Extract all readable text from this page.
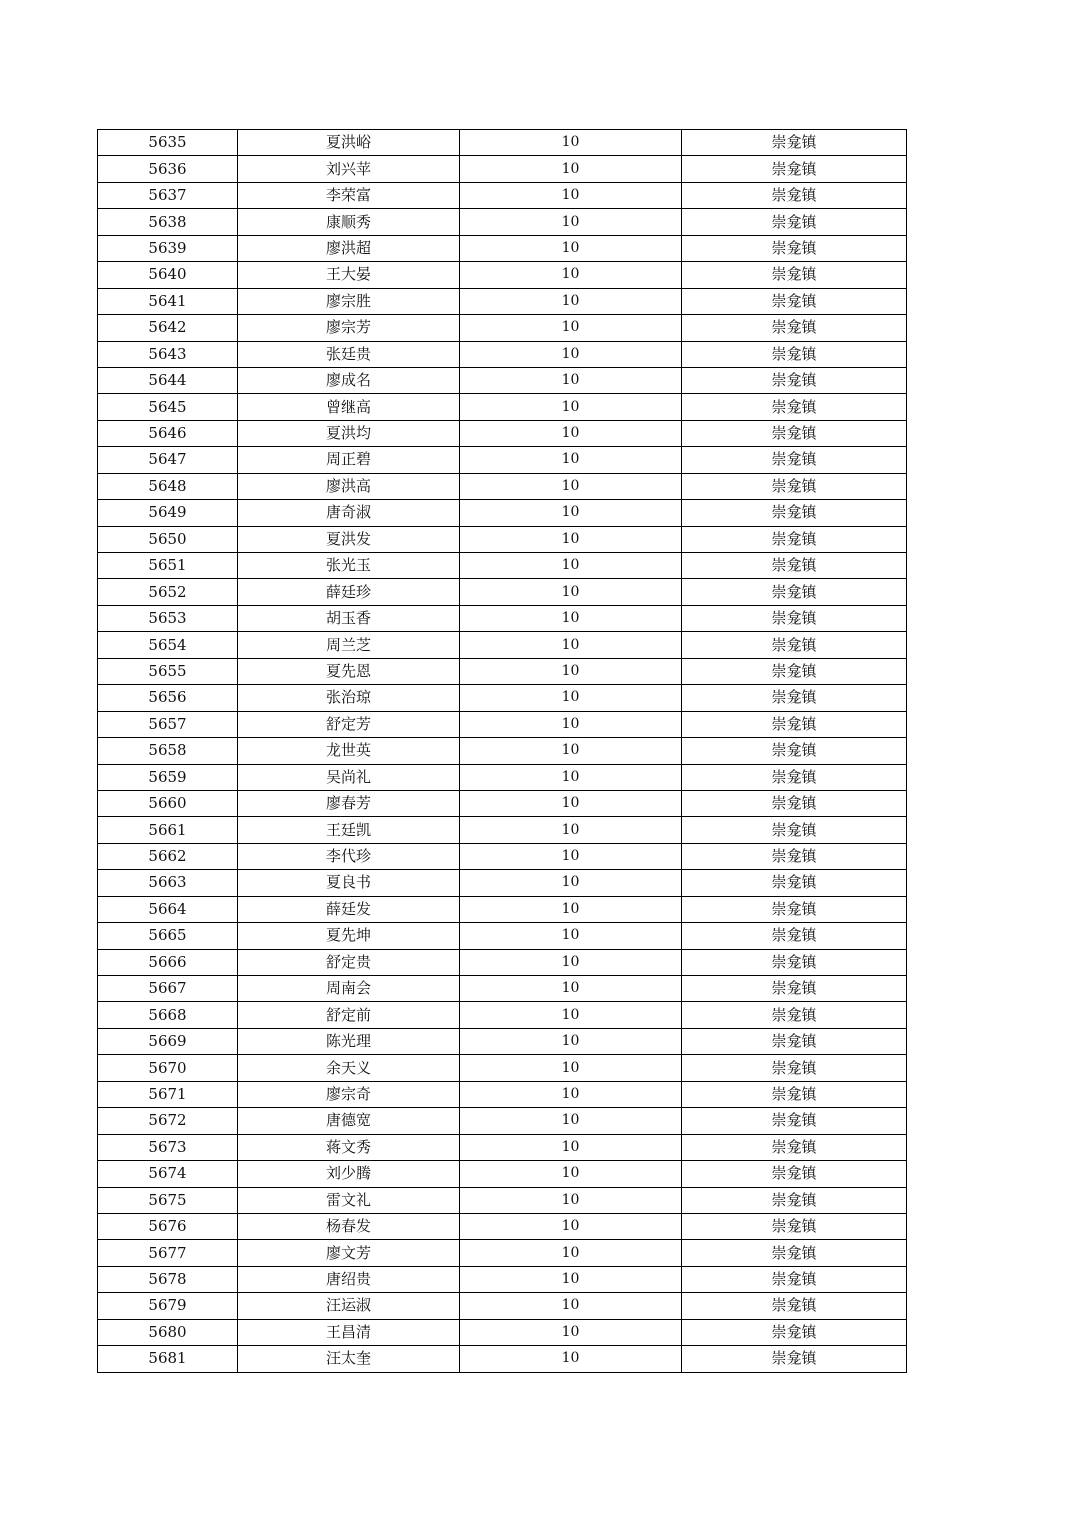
5635	夏洪峪	10	崇龛镇
5636	刘兴苹	10	崇龛镇
5637	李荣富	10	崇龛镇
5638	康顺秀	10	崇龛镇
5639	廖洪超	10	崇龛镇
5640	王大晏	10	崇龛镇
5641	廖宗胜	10	崇龛镇
5642	廖宗芳	10	崇龛镇
5643	张廷贵	10	崇龛镇
5644	廖成名	10	崇龛镇
5645	曾继高	10	崇龛镇
5646	夏洪均	10	崇龛镇
5647	周正碧	10	崇龛镇
5648	廖洪高	10	崇龛镇
5649	唐奇淑	10	崇龛镇
5650	夏洪发	10	崇龛镇
5651	张光玉	10	崇龛镇
5652	薛廷珍	10	崇龛镇
5653	胡玉香	10	崇龛镇
5654	周兰芝	10	崇龛镇
5655	夏先恩	10	崇龛镇
5656	张治琼	10	崇龛镇
5657	舒定芳	10	崇龛镇
5658	龙世英	10	崇龛镇
5659	吴尚礼	10	崇龛镇
5660	廖春芳	10	崇龛镇
5661	王廷凯	10	崇龛镇
5662	李代珍	10	崇龛镇
5663	夏良书	10	崇龛镇
5664	薛廷发	10	崇龛镇
5665	夏先坤	10	崇龛镇
5666	舒定贵	10	崇龛镇
5667	周南会	10	崇龛镇
5668	舒定前	10	崇龛镇
5669	陈光理	10	崇龛镇
5670	余天义	10	崇龛镇
5671	廖宗奇	10	崇龛镇
5672	唐德宽	10	崇龛镇
5673	蒋文秀	10	崇龛镇
5674	刘少腾	10	崇龛镇
5675	雷文礼	10	崇龛镇
5676	杨春发	10	崇龛镇
5677	廖文芳	10	崇龛镇
5678	唐绍贵	10	崇龛镇
5679	汪运淑	10	崇龛镇
5680	王昌清	10	崇龛镇
5681	汪太奎	10	崇龛镇
